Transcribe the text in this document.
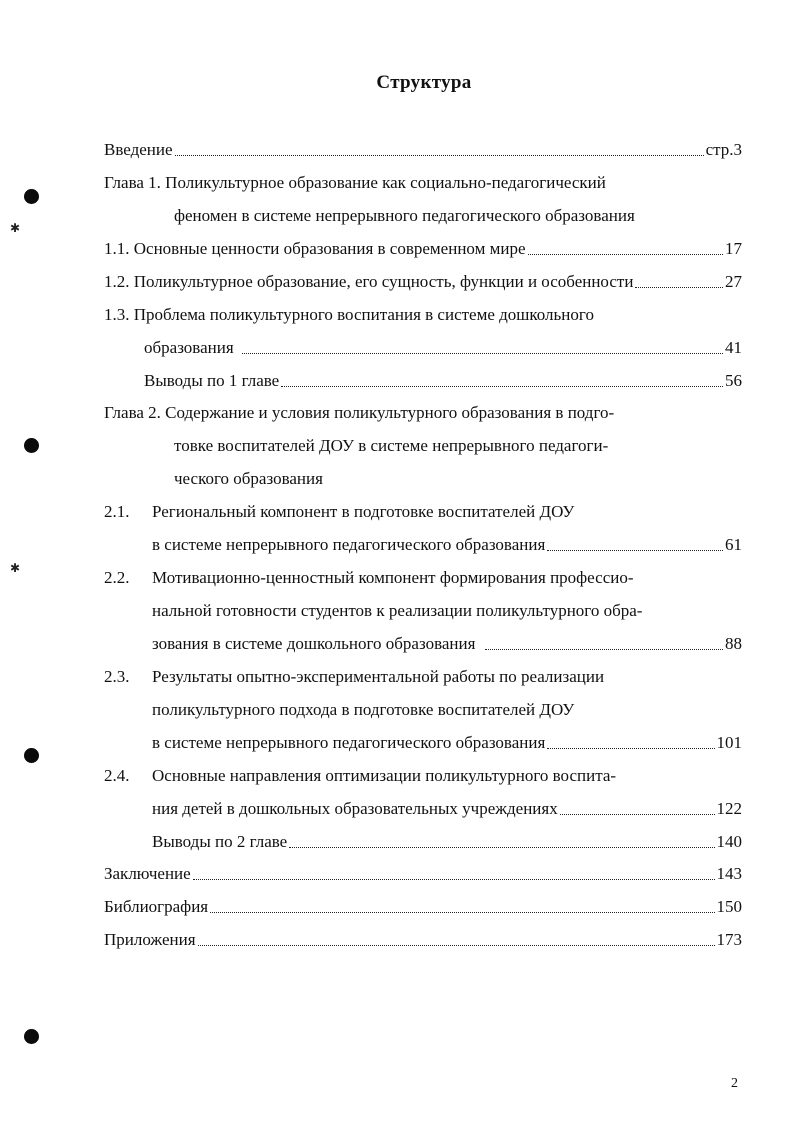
✱
✱
Структура
Введение	стр.3
Глава 1. Поликультурное образование как социально-педагогический
феномен в системе непрерывного педагогического образования
1.1. Основные ценности образования в современном мире	17
1.2. Поликультурное образование, его сущность, функции и особенности	27
1.3. Проблема поликультурного воспитания в системе дошкольного
образования	41
Выводы по 1 главе	56
Глава 2. Содержание и условия поликультурного образования в подго-
товке воспитателей ДОУ в системе непрерывного педагоги-
ческого образования
2.1. Региональный компонент в подготовке воспитателей ДОУ
в системе непрерывного педагогического образования	61
2.2. Мотивационно-ценностный компонент формирования профессио-
нальной готовности студентов к реализации поликультурного обра-
зования в системе дошкольного образования	88
2.3. Результаты опытно-экспериментальной работы по реализации
поликультурного подхода в подготовке воспитателей ДОУ
в системе непрерывного педагогического образования	101
2.4. Основные направления оптимизации поликультурного воспита-
ния детей в дошкольных образовательных учреждениях	122
Выводы по 2 главе	140
Заключение	143
Библиография	150
Приложения	173
2
